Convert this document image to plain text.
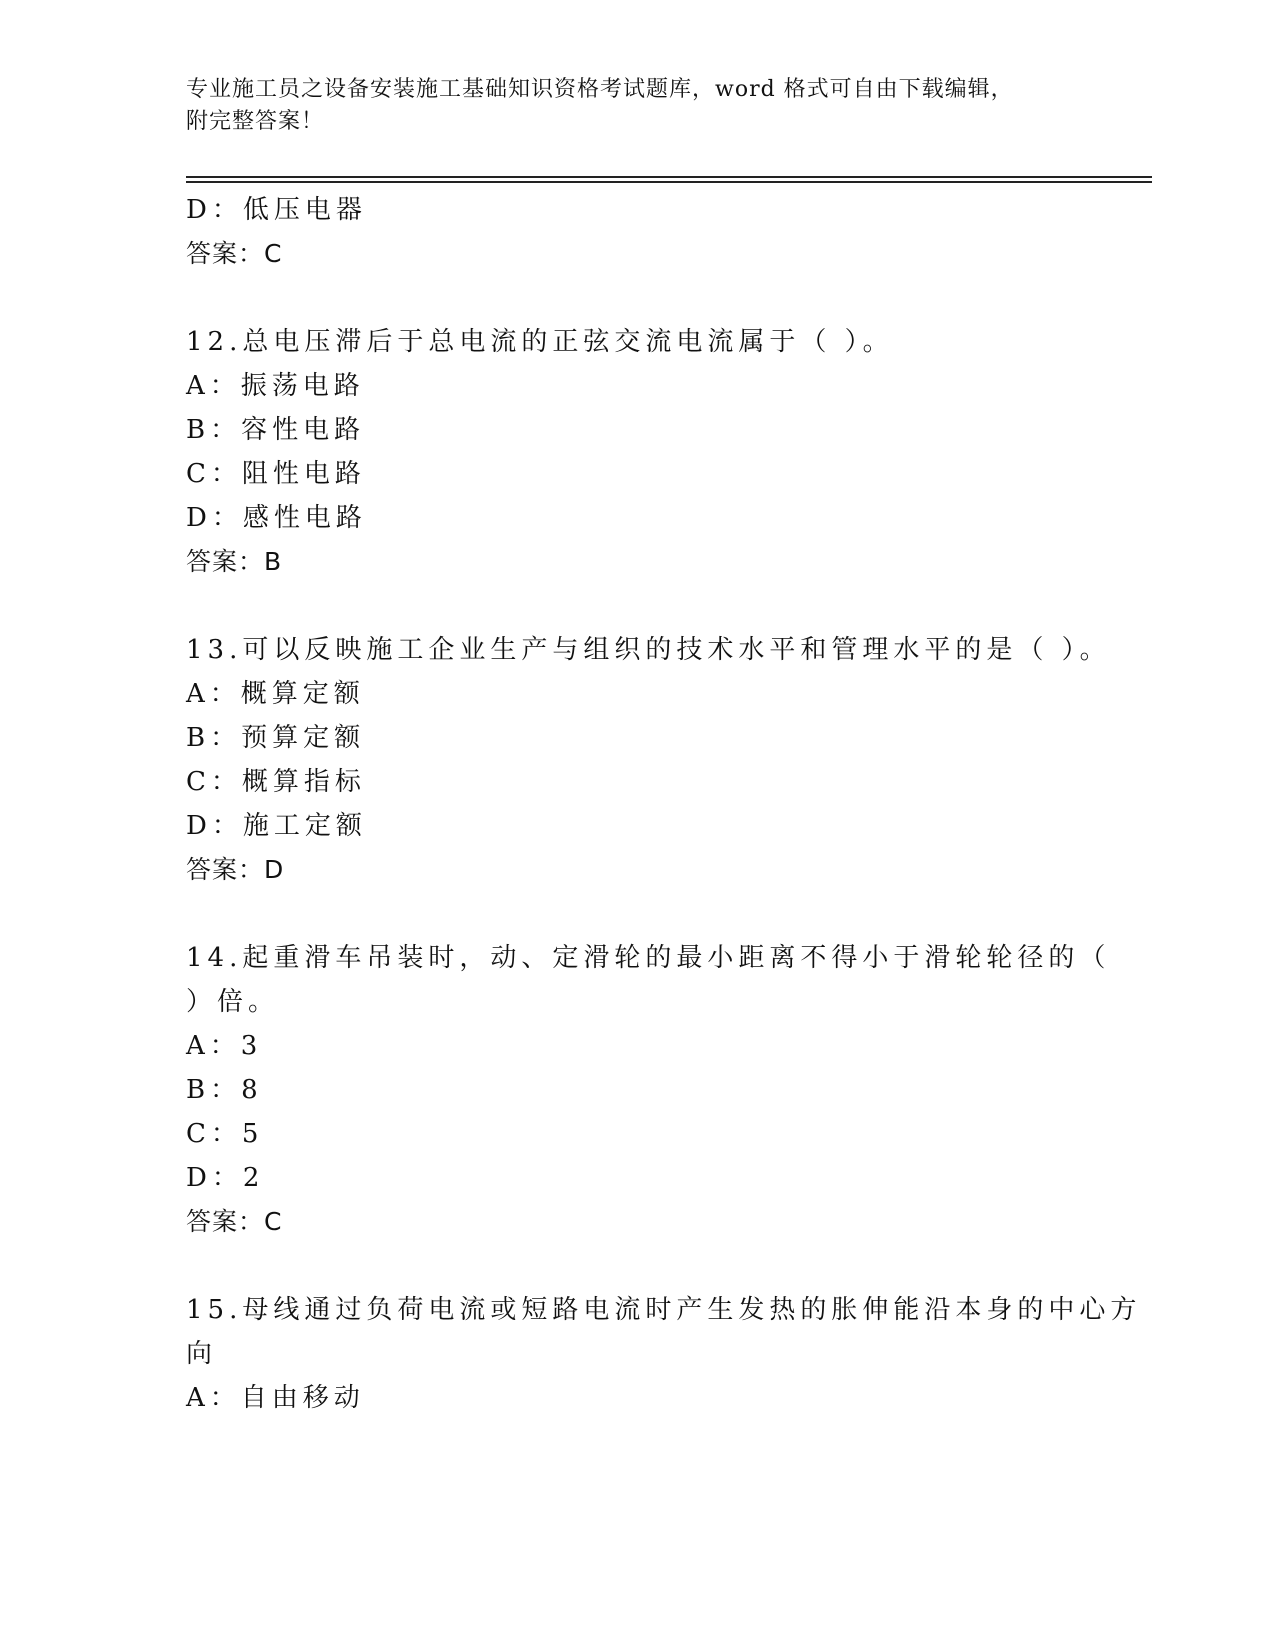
专业施工员之设备安装施工基础知识资格考试题库，word 格式可自由下载编辑，
附完整答案！
D：低压电器
答案：C
12.总电压滞后于总电流的正弦交流电流属于（ ）。
A：振荡电路
B：容性电路
C：阻性电路
D：感性电路
答案：B
13.可以反映施工企业生产与组织的技术水平和管理水平的是（ ）。
A：概算定额
B：预算定额
C：概算指标
D：施工定额
答案：D
14.起重滑车吊装时，动、定滑轮的最小距离不得小于滑轮轮径的（
）倍。
A：3
B：8
C：5
D：2
答案：C
15.母线通过负荷电流或短路电流时产生发热的胀伸能沿本身的中心方
向
A：自由移动
